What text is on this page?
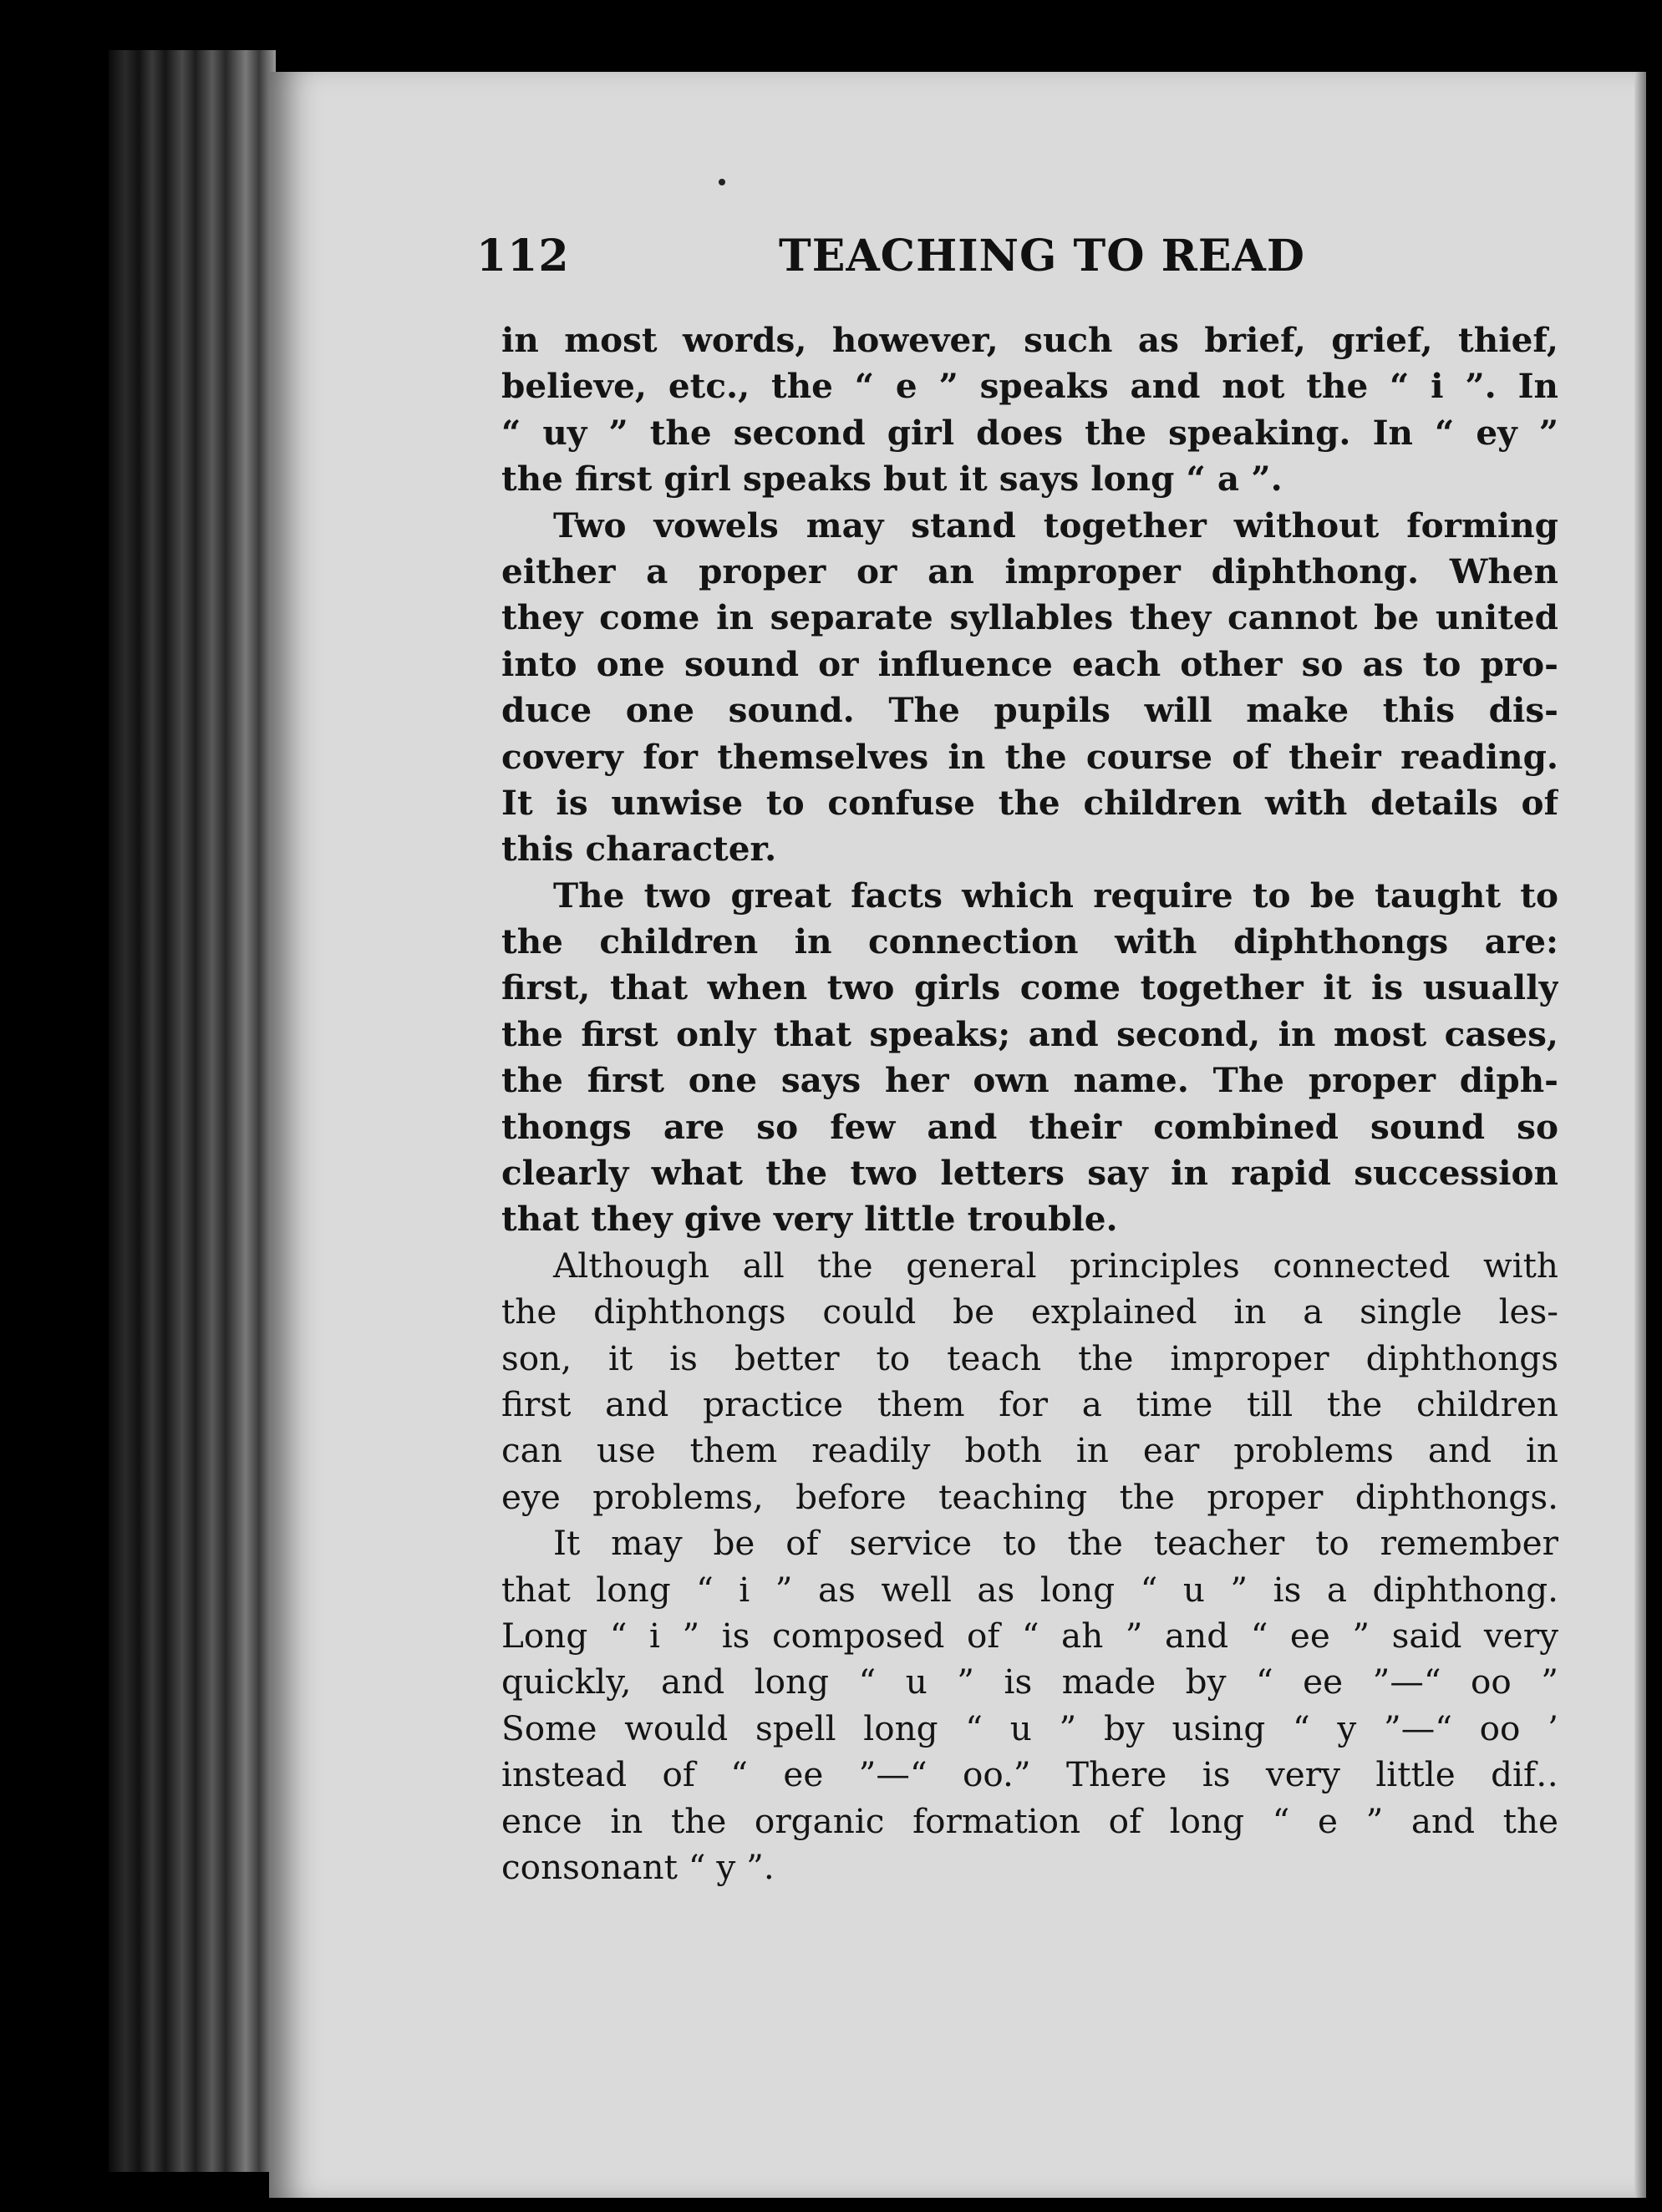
112	TEACHING TO READ
in most words, however, such as brief, grief, thief,
believe, etc., the “ e ” speaks and not the “ i ”. In
“ uy ” the second girl does the speaking. In “ ey ”
the first girl speaks but it says long “ a ”.
Two vowels may stand together without forming
either a proper or an improper diphthong. When
they come in separate syllables they cannot be united
into one sound or influence each other so as to pro-
duce one sound. The pupils will make this dis-
covery for themselves in the course of their reading.
It is unwise to confuse the children with details of
this character.
The two great facts which require to be taught to
the children in connection with diphthongs are:
first, that when two girls come together it is usually
the first only that speaks; and second, in most cases,
the first one says her own name. The proper diph-
thongs are so few and their combined sound so
clearly what the two letters say in rapid succession
that they give very little trouble.
Although all the general principles connected with
the diphthongs could be explained in a single les-
son, it is better to teach the improper diphthongs
first and practice them for a time till the children
can use them readily both in ear problems and in
eye problems, before teaching the proper diphthongs.
It may be of service to the teacher to remember
that long “ i ” as well as long “ u ” is a diphthong.
Long “ i ” is composed of “ ah ” and “ ee ” said very
quickly, and long “ u ” is made by “ ee ”—“ oo ”
Some would spell long “ u ” by using “ y ”—“ oo ’
instead of “ ee ”—“ oo.” There is very little dif‥
ence in the organic formation of long “ e ” and the
consonant “ y ”.
